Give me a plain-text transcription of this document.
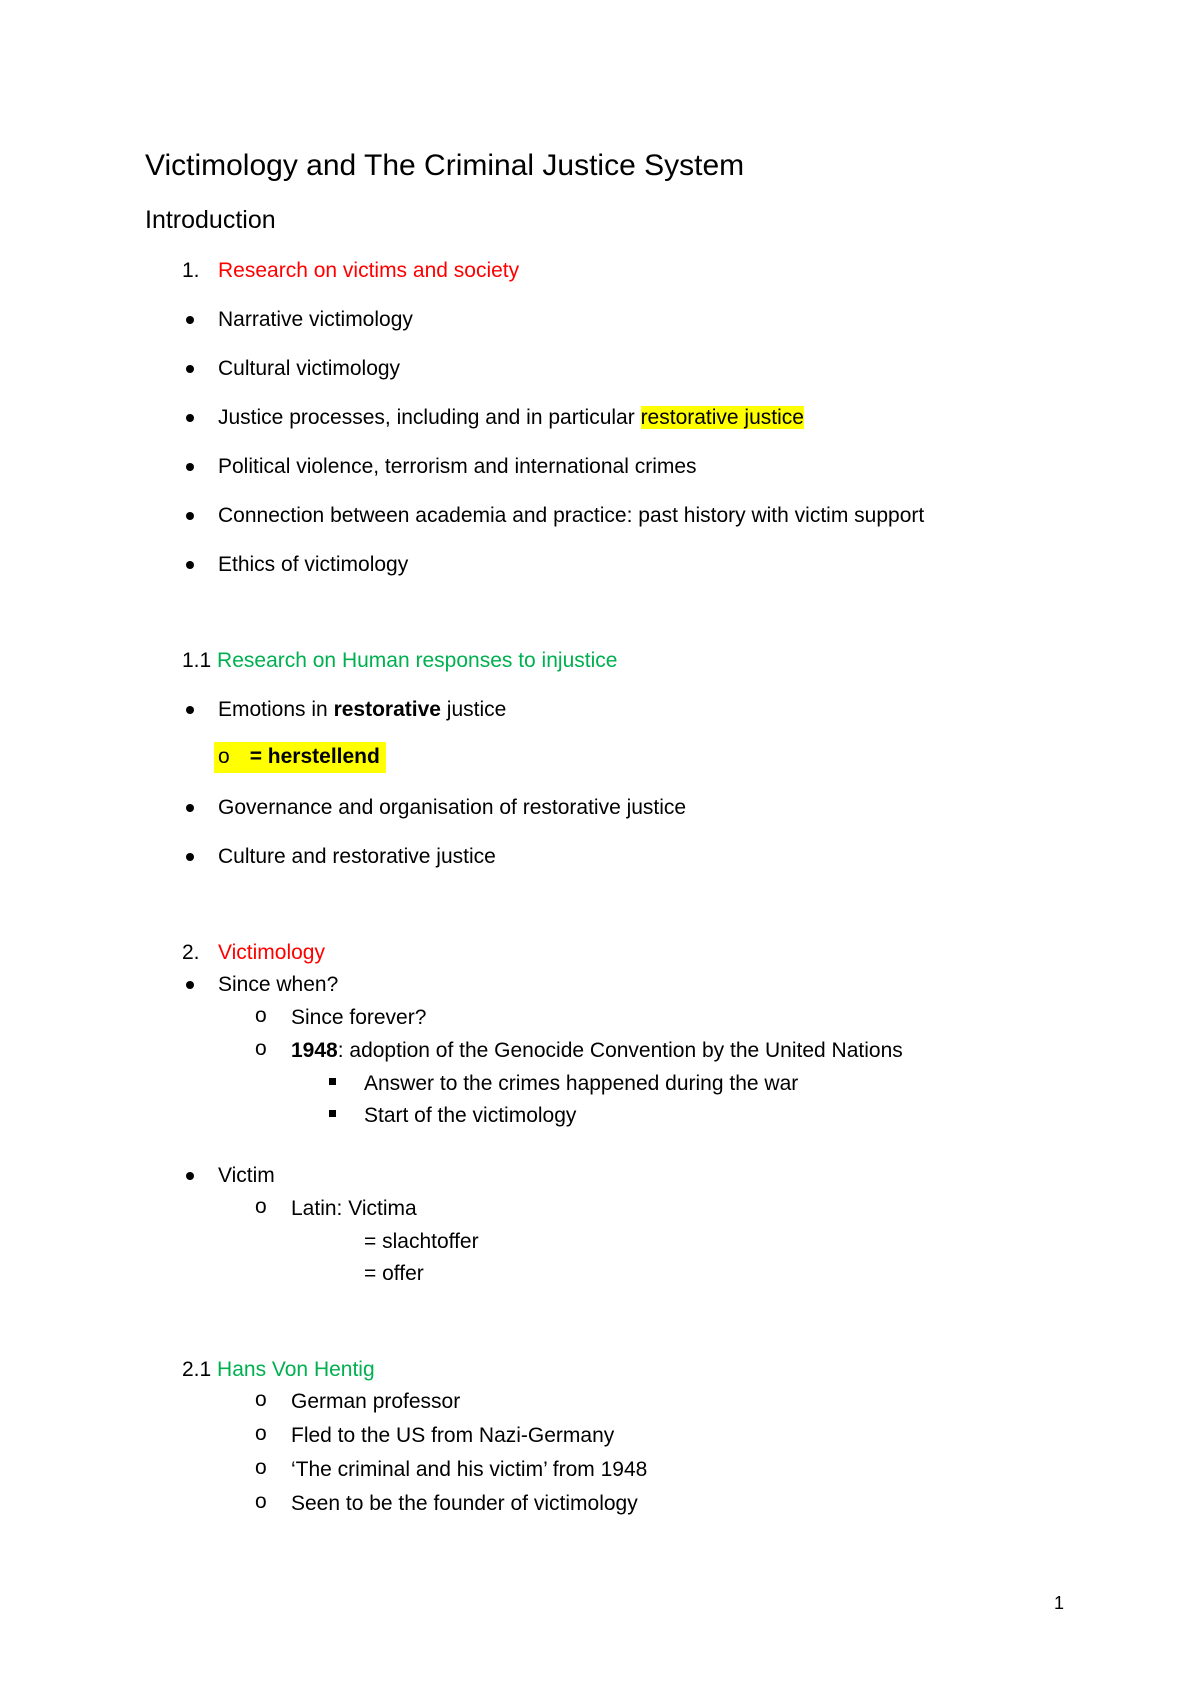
Victimology and The Criminal Justice System
Introduction
1. Research on victims and society
Narrative victimology
Cultural victimology
Justice processes, including and in particular restorative justice
Political violence, terrorism and international crimes
Connection between academia and practice: past history with victim support
Ethics of victimology
1.1 Research on Human responses to injustice
Emotions in restorative justice
o = herstellend
Governance and organisation of restorative justice
Culture and restorative justice
2. Victimology
Since when?
o Since forever?
o 1948: adoption of the Genocide Convention by the United Nations
Answer to the crimes happened during the war
Start of the victimology
Victim
o Latin: Victima
= slachtoffer
= offer
2.1 Hans Von Hentig
o German professor
o Fled to the US from Nazi-Germany
o ‘The criminal and his victim’ from 1948
o Seen to be the founder of victimology
1
